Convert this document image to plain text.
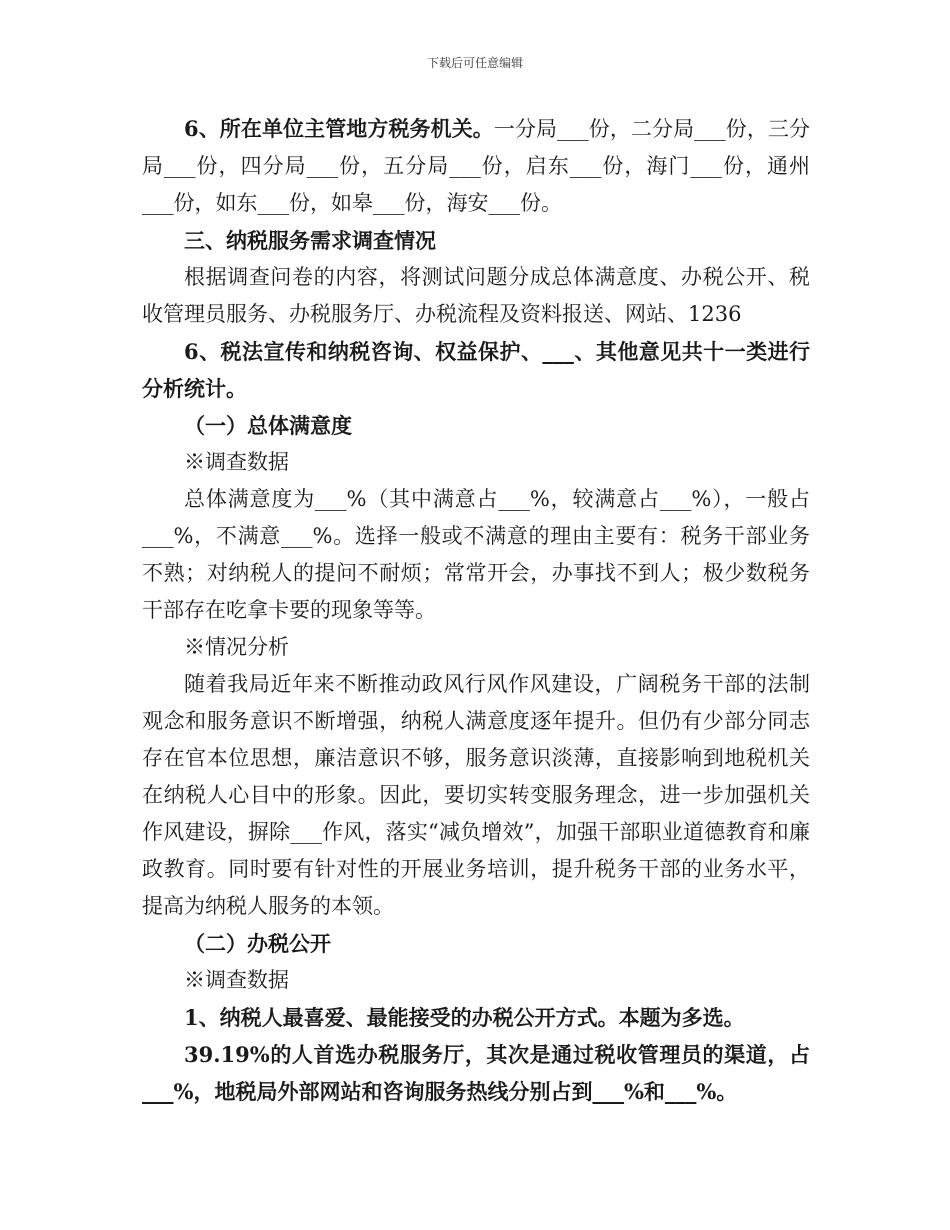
下载后可任意编辑

6、所在单位主管地方税务机关。一分局___份，二分局___份，三分局___份，四分局___份，五分局___份，启东___份，海门___份，通州___份，如东___份，如皋___份，海安___份。

三、纳税服务需求调查情况

根据调查问卷的内容，将测试问题分成总体满意度、办税公开、税收管理员服务、办税服务厅、办税流程及资料报送、网站、1236

6、税法宣传和纳税咨询、权益保护、___、其他意见共十一类进行分析统计。

（一）总体满意度

※调查数据

总体满意度为___%（其中满意占___%，较满意占___%），一般占___%，不满意___%。选择一般或不满意的理由主要有：税务干部业务不熟；对纳税人的提问不耐烦；常常开会，办事找不到人；极少数税务干部存在吃拿卡要的现象等等。

※情况分析

随着我局近年来不断推动政风行风作风建设，广阔税务干部的法制观念和服务意识不断增强，纳税人满意度逐年提升。但仍有少部分同志存在官本位思想，廉洁意识不够，服务意识淡薄，直接影响到地税机关在纳税人心目中的形象。因此，要切实转变服务理念，进一步加强机关作风建设，摒除___作风，落实“减负增效”，加强干部职业道德教育和廉政教育。同时要有针对性的开展业务培训，提升税务干部的业务水平，提高为纳税人服务的本领。

（二）办税公开

※调查数据

1、纳税人最喜爱、最能接受的办税公开方式。本题为多选。

39.19%的人首选办税服务厅，其次是通过税收管理员的渠道，占___%，地税局外部网站和咨询服务热线分别占到___%和___%。
